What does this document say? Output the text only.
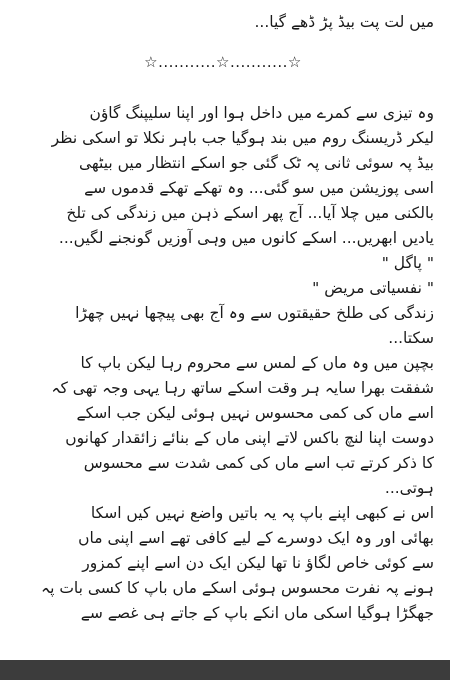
میں لت پت بیڈ پڑ ڈھے گیا...
☆...........☆...........☆
وہ تیزی سے کمرے میں داخل ہوا اور اپنا سلیپنگ گاؤن
لیکر ڈریسنگ روم میں بند ہوگیا جب باہر نکلا تو اسکی نظر
بیڈ پہ سوئی ثانی پہ ٹک گئی جو اسکے انتظار میں بیٹھی
اسی پوزیشن میں سو گئی... وہ تھکے تھکے قدموں سے
بالکنی میں چلا آیا... آج پھر اسکے ذہن میں زندگی کی تلخ
یادیں ابھریں... اسکے کانوں میں وہی آوزیں گونجنے لگیں...
" پاگل "
" نفسیاتی مریض "
زندگی کی طلخ حقیقتوں سے وہ آج بھی پیچھا نہیں چھڑا
سکتا...
بچپن میں وہ ماں کے لمس سے محروم رہا لیکن باپ کا
شفقت بھرا سایہ ہر وقت اسکے ساتھ رہا یہی وجہ تھی کہ
اسے ماں کی کمی محسوس نہیں ہوئی لیکن جب اسکے
دوست اپنا لنچ باکس لاتے اپنی ماں کے بنائے زائقدار کھانوں
کا ذکر کرتے تب اسے ماں کی کمی شدت سے محسوس
ہوتی...
اس نے کبھی اپنے باپ پہ یہ باتیں واضع نہیں کیں اسکا
بھائی اور وہ ایک دوسرے کے لیے کافی تھے اسے اپنی ماں
سے کوئی خاص لگاؤ نا تھا لیکن ایک دن اسے اپنے کمزور
ہونے پہ نفرت محسوس ہوئی اسکے ماں باپ کا کسی بات پہ
جھگڑا ہوگیا اسکی ماں انکے باپ کے جاتے ہی غصے سے
